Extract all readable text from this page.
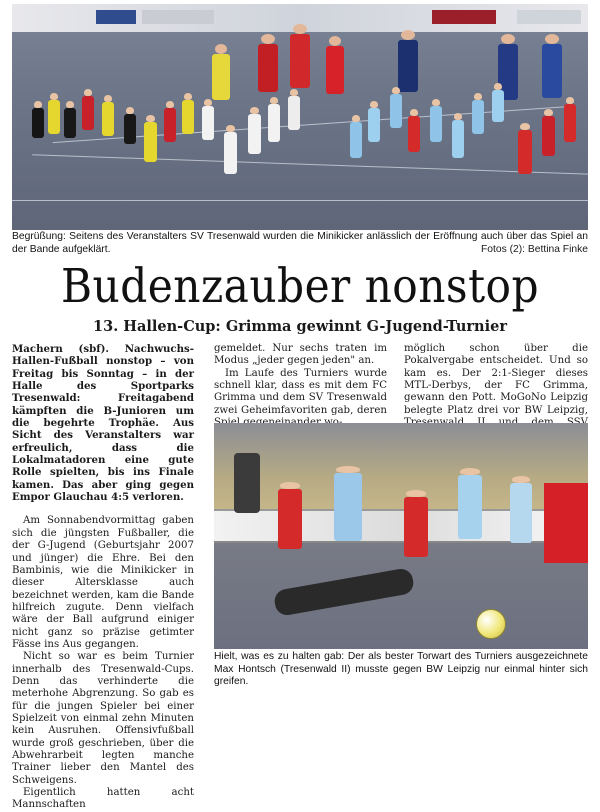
Begrüßung: Seitens des Veranstalters SV Tresenwald wurden die Minikicker anlässlich der Eröffnung auch über das Spiel an der Bande aufgeklärt.	Fotos (2): Bettina Finke
Budenzauber nonstop
13. Hallen-Cup: Grimma gewinnt G-Jugend-Turnier

Machern (sbf). Nachwuchs-Hallen-Fußball nonstop – von Freitag bis Sonntag – in der Halle des Sportparks Tresenwald: Freitagabend kämpften die B-Junioren um die begehrte Trophäe. Aus Sicht des Veranstalters war erfreulich, dass die Lokalmatadoren eine gute Rolle spielten, bis ins Finale kamen. Das aber ging gegen Empor Glauchau 4:5 verloren.

Am Sonnabendvormittag gaben sich die jüngsten Fußballer, die der G-Jugend (Geburtsjahr 2007 und jünger) die Ehre. Bei den Bambinis, wie die Minikicker in dieser Altersklasse auch bezeichnet werden, kam die Bande hilfreich zugute. Denn vielfach wäre der Ball aufgrund einiger nicht ganz so präzise getimter Fässe ins Aus gegangen.

Nicht so war es beim Turnier innerhalb des Tresenwald-Cups. Denn das verhinderte die meterhohe Abgrenzung. So gab es für die jungen Spieler bei einer Spielzeit von einmal zehn Minuten kein Ausruhen. Offensivfußball wurde groß geschrieben, über die Abwehrarbeit legten manche Trainer lieber den Mantel des Schweigens.

Eigentlich hatten acht Mannschaften

gemeldet. Nur sechs traten im Modus „jeder gegen jeden" an.

Im Laufe des Turniers wurde schnell klar, dass es mit dem FC Grimma und dem SV Tresenwald zwei Geheimfavoriten gab, deren

möglich schon über die Pokalvergabe entscheidet. Und so kam es. Der 2:1-Sieger dieses MTL-Derbys, der FC Grimma, gewann den Pott. MoGoNo Leipzig belegte Platz drei vor BW Leipzig,

Hielt, was es zu halten gab: Der als bester Torwart des Turniers ausgezeichnete Max Hontsch (Tresenwald II) musste gegen BW Leipzig nur einmal hinter sich greifen.
